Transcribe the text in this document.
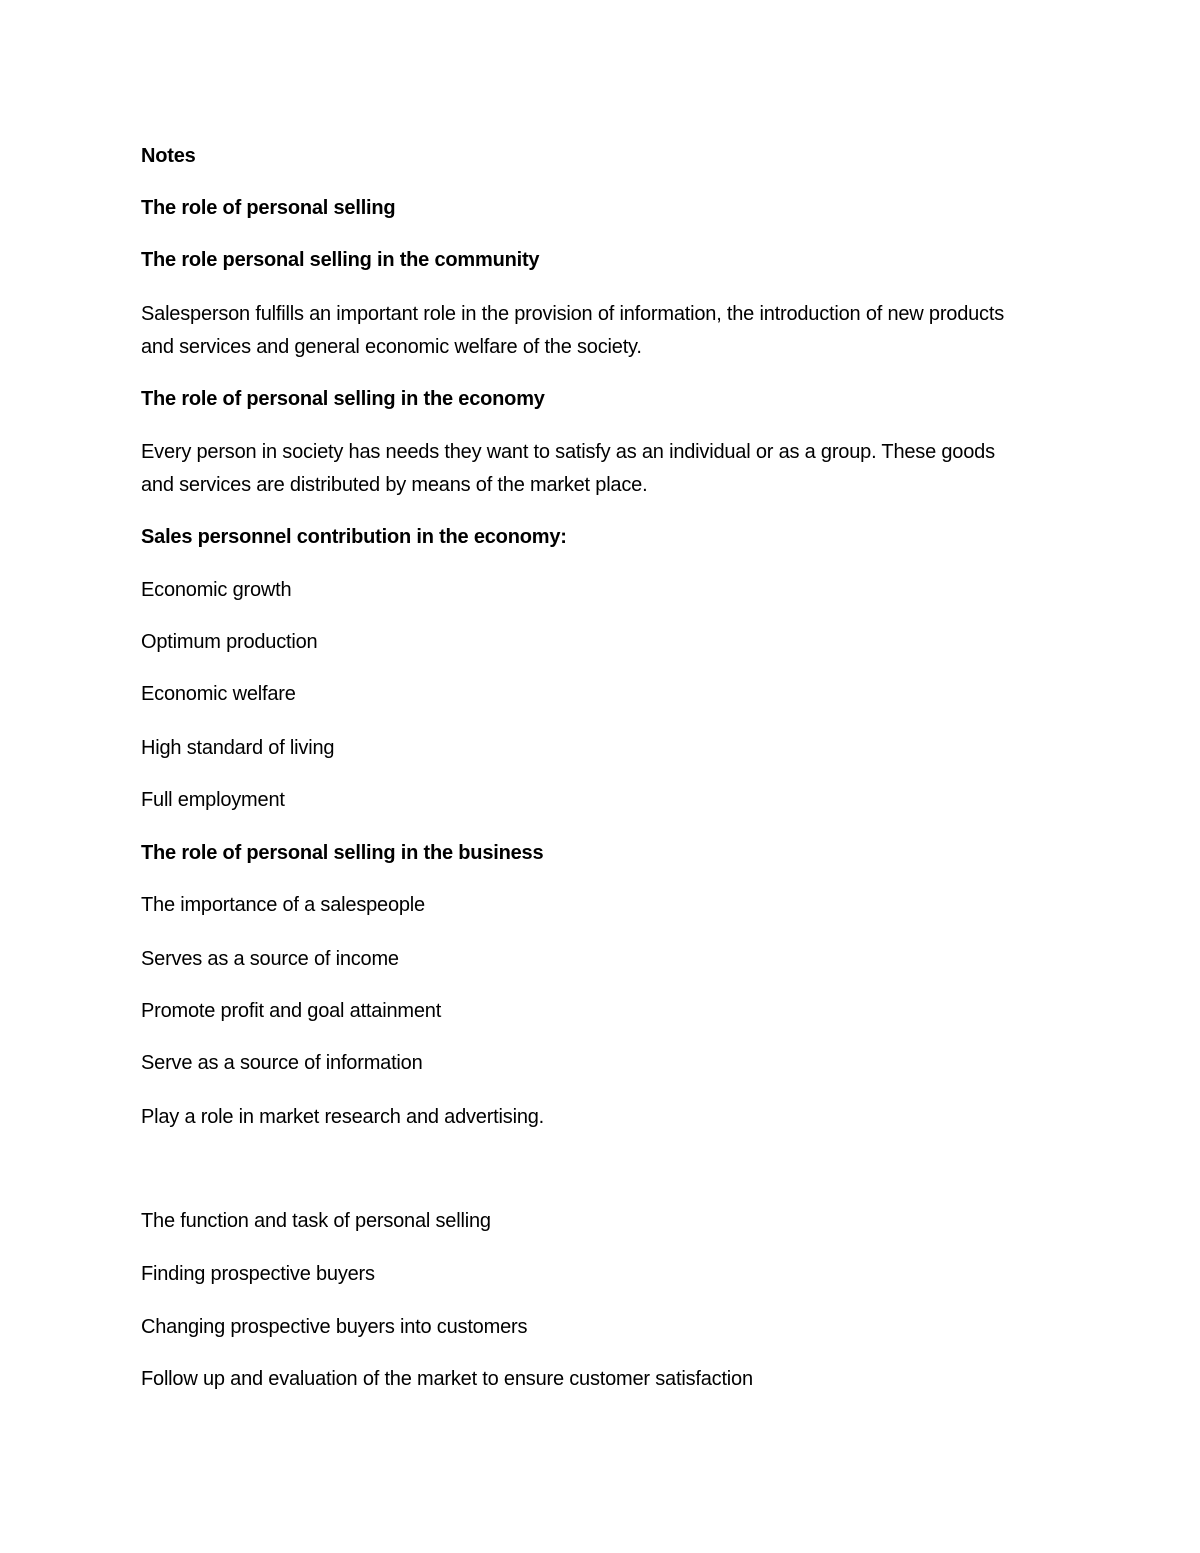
Notes
The role of personal selling
The role personal selling in the community
Salesperson fulfills an important role in the provision of information, the introduction of new products and services and general economic welfare of the society.
The role of personal selling in the economy
Every person in society has needs they want to satisfy as an individual or as a group. These goods and services are distributed by means of the market place.
Sales personnel contribution in the economy:
Economic growth
Optimum production
Economic welfare
High standard of living
Full employment
The role of personal selling in the business
The importance of a salespeople
Serves as a source of income
Promote profit and goal attainment
Serve as a source of information
Play a role in market research and advertising.
The function and task of personal selling
Finding prospective buyers
Changing prospective buyers into customers
Follow up and evaluation of the market to ensure customer satisfaction
